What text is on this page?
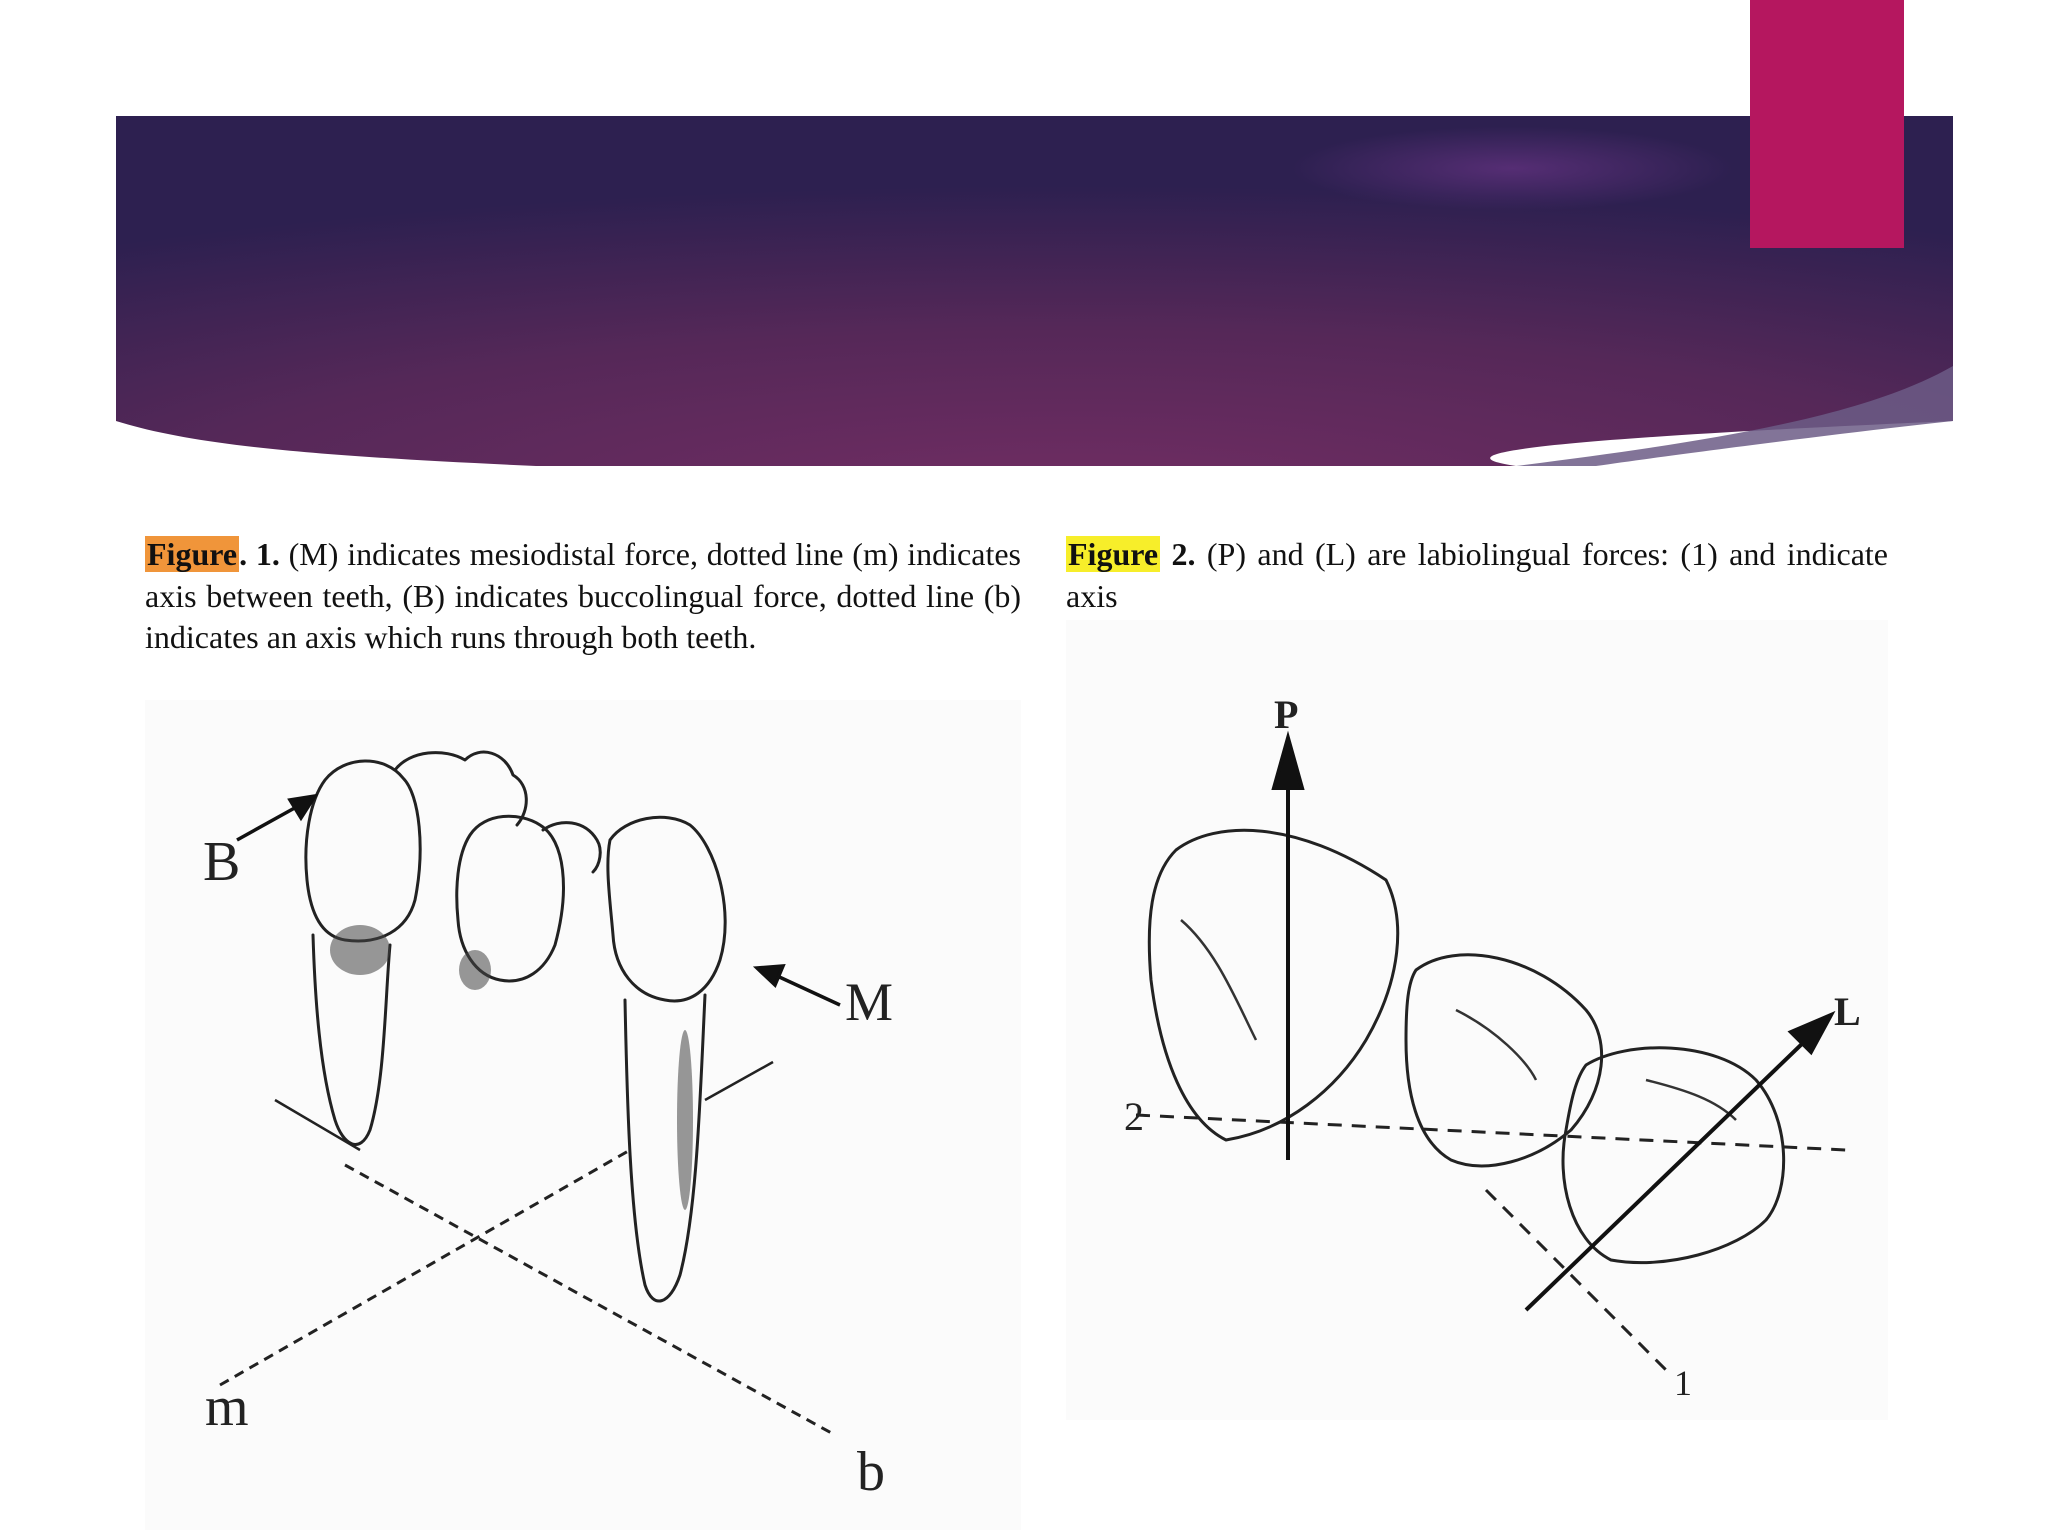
Figure. 1. (M) indicates mesiodistal force, dotted line (m) indicates axis between teeth, (B) indicates buccolingual force, dotted line (b) indicates an axis which runs through both teeth.

Figure 2. (P) and (L) are labiolingual forces: (1) and indicate axis

B
M
m
b
P
L
2
1
